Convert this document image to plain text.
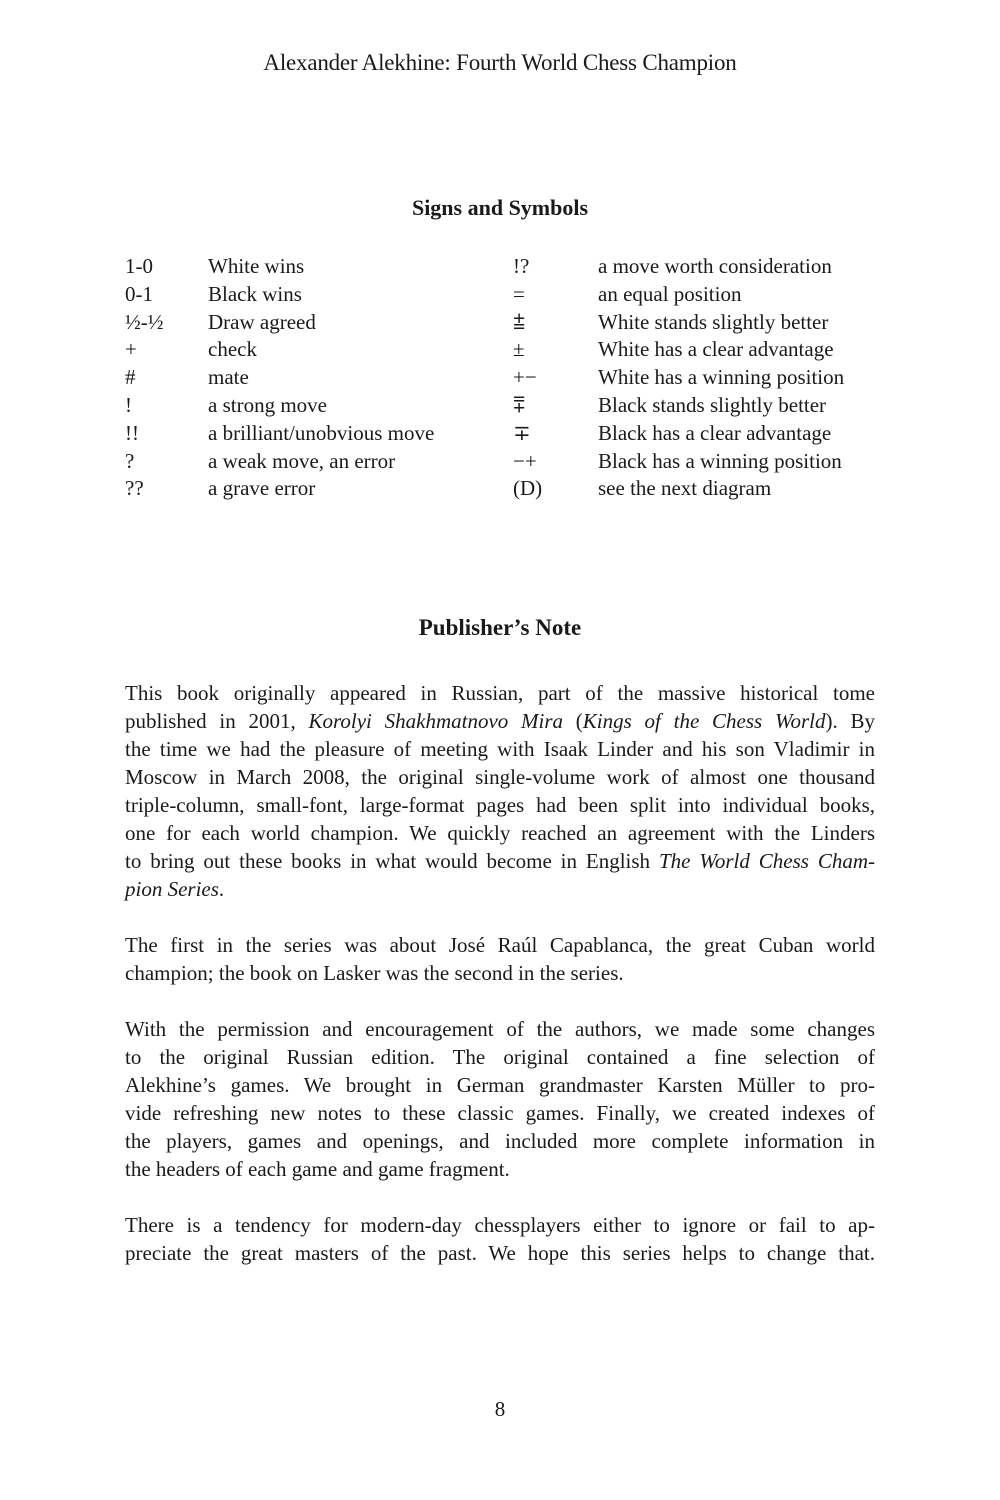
Alexander Alekhine: Fourth World Chess Champion
Signs and Symbols
1-0	White wins	!?	a move worth consideration
0-1	Black wins	=	an equal position
½-½ Draw agreed	⩲	White stands slightly better
+	check	±	White has a clear advantage
#	mate	+−	White has a winning position
!	a strong move	⩱	Black stands slightly better
!!	a brilliant/unobvious move	∓	Black has a clear advantage
?	a weak move, an error	−+	Black has a winning position
??	a grave error	(D)	see the next diagram
Publisher’s Note
This book originally appeared in Russian, part of the massive historical tome
published in 2001, Korolyi Shakhmatnovo Mira (Kings of the Chess World). By
the time we had the pleasure of meeting with Isaak Linder and his son Vladimir in
Moscow in March 2008, the original single-volume work of almost one thousand
triple-column, small-font, large-format pages had been split into individual books,
one for each world champion. We quickly reached an agreement with the Linders
to bring out these books in what would become in English The World Chess Cham-
pion Series.
The first in the series was about José Raúl Capablanca, the great Cuban world
champion; the book on Lasker was the second in the series.
With the permission and encouragement of the authors, we made some changes
to the original Russian edition. The original contained a fine selection of
Alekhine’s games. We brought in German grandmaster Karsten Müller to pro-
vide refreshing new notes to these classic games. Finally, we created indexes of
the players, games and openings, and included more complete information in
the headers of each game and game fragment.
There is a tendency for modern-day chessplayers either to ignore or fail to ap-
preciate the great masters of the past. We hope this series helps to change that.
8
